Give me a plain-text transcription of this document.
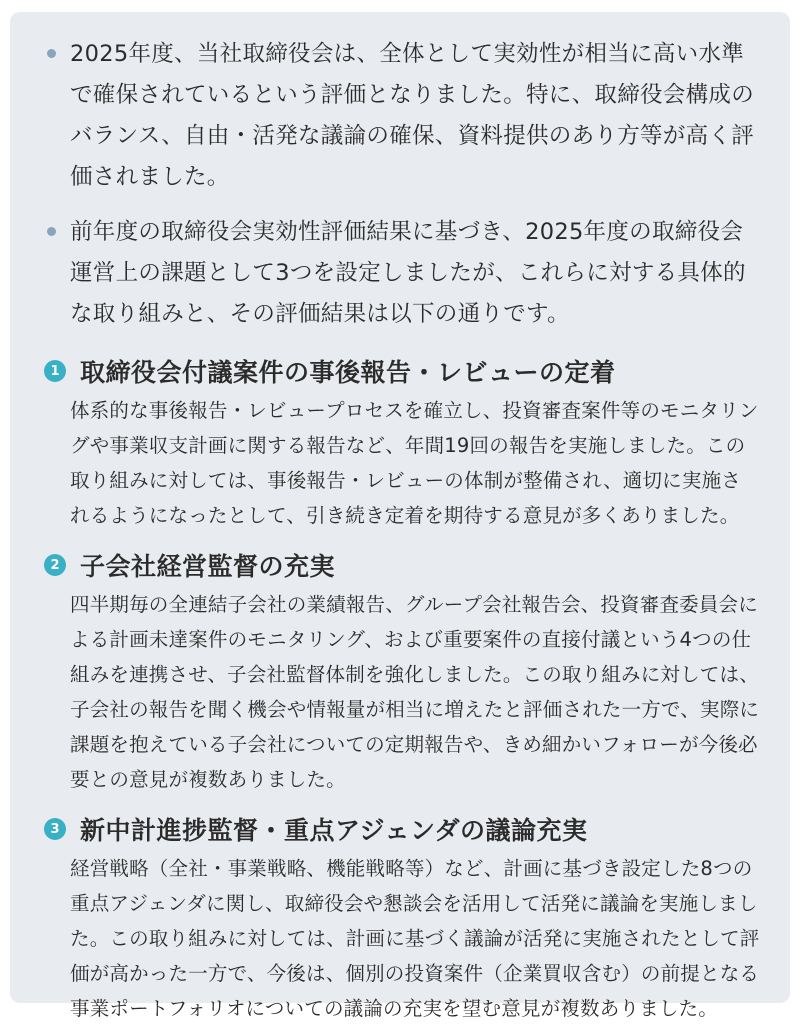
2025年度、当社取締役会は、全体として実効性が相当に高い水準で確保されているという評価となりました。特に、取締役会構成のバランス、自由・活発な議論の確保、資料提供のあり方等が高く評価されました。
前年度の取締役会実効性評価結果に基づき、2025年度の取締役会運営上の課題として3つを設定しましたが、これらに対する具体的な取り組みと、その評価結果は以下の通りです。
1 取締役会付議案件の事後報告・レビューの定着
体系的な事後報告・レビュープロセスを確立し、投資審査案件等のモニタリングや事業収支計画に関する報告など、年間19回の報告を実施しました。この取り組みに対しては、事後報告・レビューの体制が整備され、適切に実施されるようになったとして、引き続き定着を期待する意見が多くありました。
2 子会社経営監督の充実
四半期毎の全連結子会社の業績報告、グループ会社報告会、投資審査委員会による計画未達案件のモニタリング、および重要案件の直接付議という4つの仕組みを連携させ、子会社監督体制を強化しました。この取り組みに対しては、子会社の報告を聞く機会や情報量が相当に増えたと評価された一方で、実際に課題を抱えている子会社についての定期報告や、きめ細かいフォローが今後必要との意見が複数ありました。
3 新中計進捗監督・重点アジェンダの議論充実
経営戦略（全社・事業戦略、機能戦略等）など、計画に基づき設定した8つの重点アジェンダに関し、取締役会や懇談会を活用して活発に議論を実施しました。この取り組みに対しては、計画に基づく議論が活発に実施されたとして評価が高かった一方で、今後は、個別の投資案件（企業買収含む）の前提となる事業ポートフォリオについての議論の充実を望む意見が複数ありました。
